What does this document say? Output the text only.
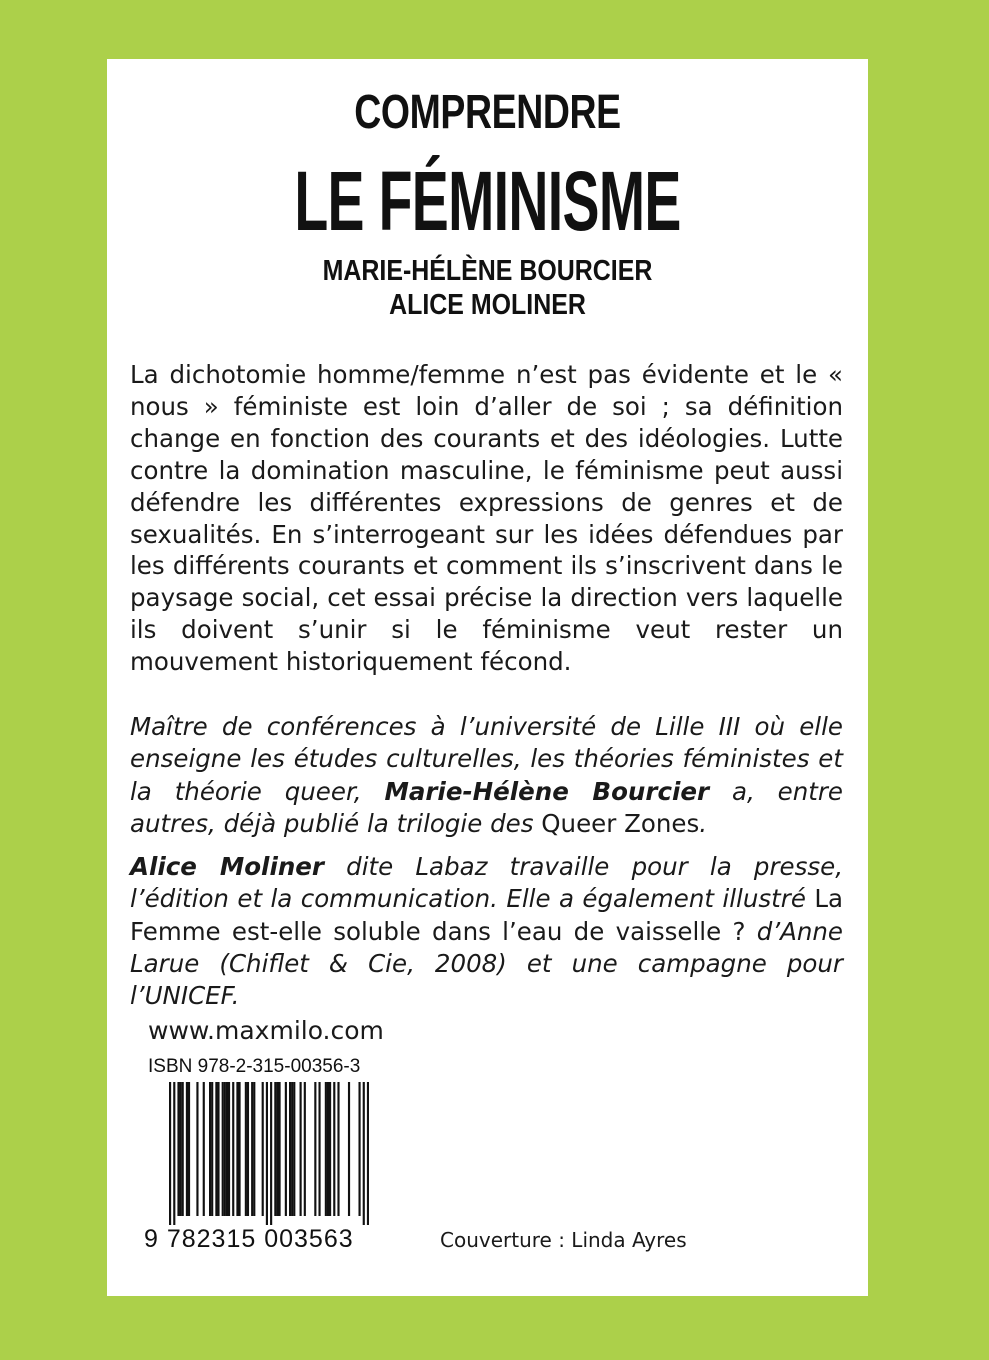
COMPRENDRE
LE FÉMINISME
MARIE-HÉLÈNE BOURCIER
ALICE MOLINER

La dichotomie homme/femme n’est pas évidente et le « nous » féministe est loin d’aller de soi ; sa définition change en fonction des courants et des idéologies. Lutte contre la domination masculine, le féminisme peut aussi défendre les différentes expressions de genres et de sexualités. En s’interrogeant sur les idées défendues par les différents courants et comment ils s’inscrivent dans le paysage social, cet essai précise la direction vers laquelle ils doivent s’unir si le féminisme veut rester un mouvement historiquement fécond.

Maître de conférences à l’université de Lille III où elle enseigne les études culturelles, les théories féministes et la théorie queer, Marie-Hélène Bourcier a, entre autres, déjà publié la trilogie des Queer Zones.

Alice Moliner dite Labaz travaille pour la presse, l’édition et la communication. Elle a également illustré La Femme est-elle soluble dans l’eau de vaisselle ? d’Anne Larue (Chiflet & Cie, 2008) et une campagne pour l’UNICEF.

www.maxmilo.com

ISBN 978-2-315-00356-3

9 782315 003563	Couverture : Linda Ayres
